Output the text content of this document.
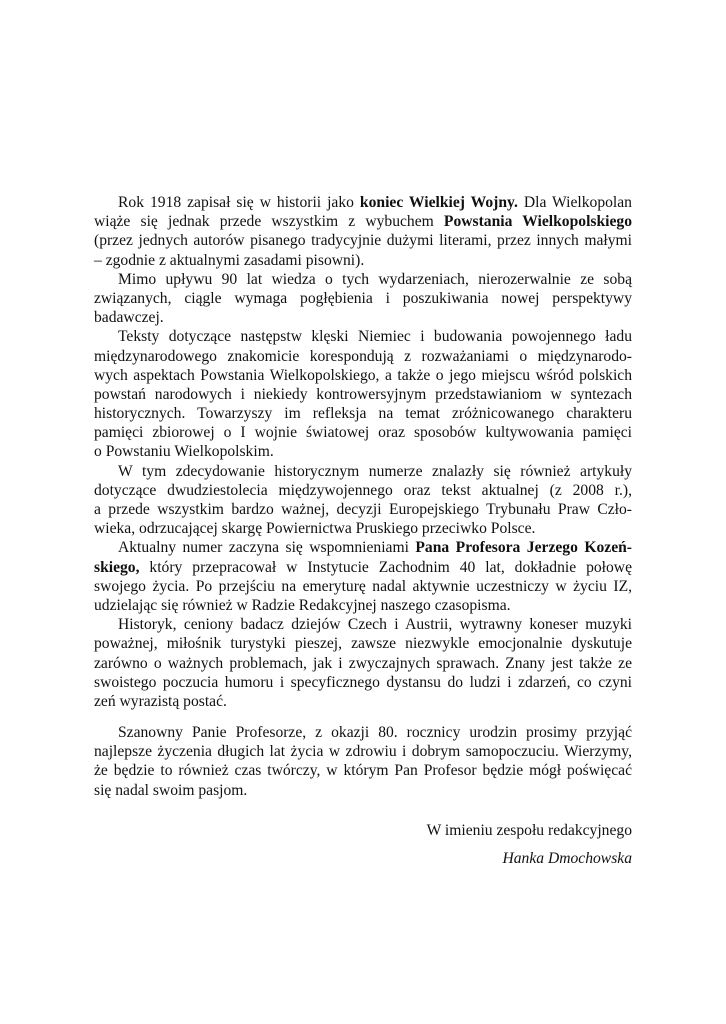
Rok 1918 zapisał się w historii jako koniec Wielkiej Wojny. Dla Wielkopolan
wiąże się jednak przede wszystkim z wybuchem Powstania Wielkopolskiego
(przez jednych autorów pisanego tradycyjnie dużymi literami, przez innych małymi
– zgodnie z aktualnymi zasadami pisowni).
Mimo upływu 90 lat wiedza o tych wydarzeniach, nierozerwalnie ze sobą
związanych, ciągle wymaga pogłębienia i poszukiwania nowej perspektywy
badawczej.
Teksty dotyczące następstw klęski Niemiec i budowania powojennego ładu
międzynarodowego znakomicie korespondują z rozważaniami o międzynarodo-
wych aspektach Powstania Wielkopolskiego, a także o jego miejscu wśród polskich
powstań narodowych i niekiedy kontrowersyjnym przedstawianiom w syntezach
historycznych. Towarzyszy im refleksja na temat zróżnicowanego charakteru
pamięci zbiorowej o I wojnie światowej oraz sposobów kultywowania pamięci
o Powstaniu Wielkopolskim.
W tym zdecydowanie historycznym numerze znalazły się również artykuły
dotyczące dwudziestolecia międzywojennego oraz tekst aktualnej (z 2008 r.),
a przede wszystkim bardzo ważnej, decyzji Europejskiego Trybunału Praw Czło-
wieka, odrzucającej skargę Powiernictwa Pruskiego przeciwko Polsce.
Aktualny numer zaczyna się wspomnieniami Pana Profesora Jerzego Kozeń-
skiego, który przepracował w Instytucie Zachodnim 40 lat, dokładnie połowę
swojego życia. Po przejściu na emeryturę nadal aktywnie uczestniczy w życiu IZ,
udzielając się również w Radzie Redakcyjnej naszego czasopisma.
Historyk, ceniony badacz dziejów Czech i Austrii, wytrawny koneser muzyki
poważnej, miłośnik turystyki pieszej, zawsze niezwykle emocjonalnie dyskutuje
zarówno o ważnych problemach, jak i zwyczajnych sprawach. Znany jest także ze
swoistego poczucia humoru i specyficznego dystansu do ludzi i zdarzeń, co czyni
zeń wyrazistą postać.
Szanowny Panie Profesorze, z okazji 80. rocznicy urodzin prosimy przyjąć
najlepsze życzenia długich lat życia w zdrowiu i dobrym samopoczuciu. Wierzymy,
że będzie to również czas twórczy, w którym Pan Profesor będzie mógł poświęcać
się nadal swoim pasjom.
W imieniu zespołu redakcyjnego
Hanka Dmochowska
